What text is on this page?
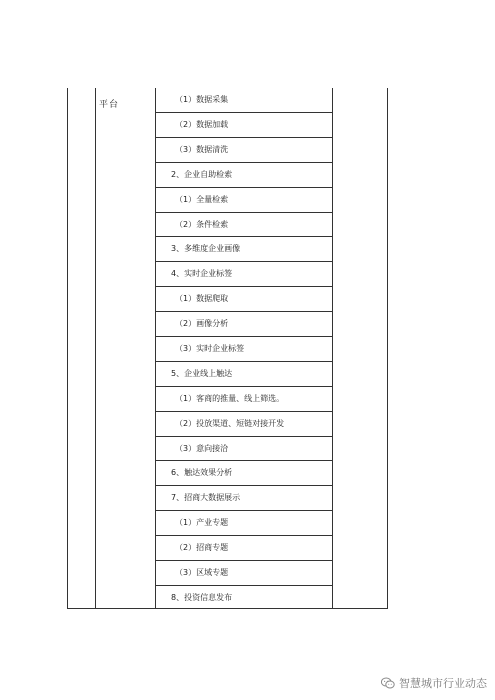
平台
（1）数据采集
（2）数据加载
（3）数据清洗
2、企业自助检索
（1）全量检索
（2）条件检索
3、多维度企业画像
4、实时企业标签
（1）数据爬取
（2）画像分析
（3）实时企业标签
5、企业线上触达
（1）客商的推量、线上筛选。
（2）投放渠道、短链对接开发
（3）意向接洽
6、触达效果分析
7、招商大数据展示
（1）产业专题
（2）招商专题
（3）区域专题
8、投资信息发布
智慧城市行业动态
